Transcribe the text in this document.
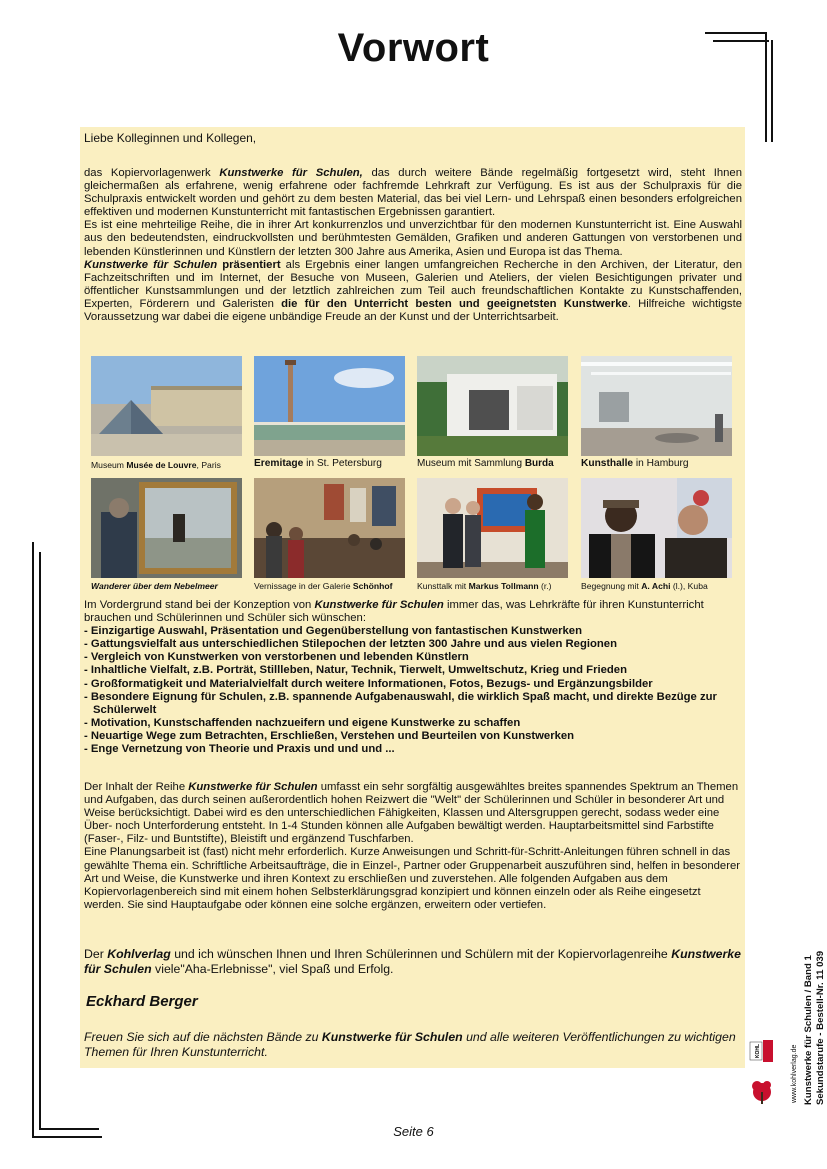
Vorwort
Liebe Kolleginnen und Kollegen,

das Kopiervorlagenwerk Kunstwerke für Schulen, das durch weitere Bände regelmäßig fortgesetzt wird, steht Ihnen gleichermaßen als erfahrene, wenig erfahrene oder fachfremde Lehrkraft zur Verfügung. Es ist aus der Schulpraxis für die Schulpraxis entwickelt worden und gehört zu dem besten Material, das bei viel Lern- und Lehrspaß einen besonders erfolgreichen effektiven und modernen Kunstunterricht mit fantastischen Ergebnissen garantiert.

Es ist eine mehrteilige Reihe, die in ihrer Art konkurrenzlos und unverzichtbar für den modernen Kunstunterricht ist. Eine Auswahl aus den bedeutendsten, eindruckvollsten und berühmtesten Gemälden, Grafiken und anderen Gattungen von verstorbenen und lebenden Künstlerinnen und Künstlern der letzten 300 Jahre aus Amerika, Asien und Europa ist das Thema.

Kunstwerke für Schulen präsentiert als Ergebnis einer langen umfangreichen Recherche in den Archiven, der Literatur, den Fachzeitschriften und im Internet, der Besuche von Museen, Galerien und Ateliers, der vielen Besichtigungen privater und öffentlicher Kunstsammlungen und der letztlich zahlreichen zum Teil auch freundschaftlichen Kontakte zu Kunstschaffenden, Experten, Förderern und Galeristen die für den Unterricht besten und geeignetsten Kunstwerke. Hilfreiche wichtigste Voraussetzung war dabei die eigene unbändige Freude an der Kunst und der Unterrichtsarbeit.

Museum Musée de Louvre, Paris	Eremitage in St. Petersburg	Museum mit Sammlung Burda	Kunsthalle in Hamburg
Wanderer über dem Nebelmeer	Vernissage in der Galerie Schönhof	Kunsttalk mit Markus Tollmann (r.)	Begegnung mit A. Achi (l.), Kuba

Im Vordergrund stand bei der Konzeption von Kunstwerke für Schulen immer das, was Lehrkräfte für ihren Kunstunterricht brauchen und Schülerinnen und Schüler sich wünschen:

- Einzigartige Auswahl, Präsentation und Gegenüberstellung von fantastischen Kunstwerken
- Gattungsvielfalt aus unterschiedlichen Stilepochen der letzten 300 Jahre und aus vielen Regionen
- Vergleich von Kunstwerken von verstorbenen und lebenden Künstlern
- Inhaltliche Vielfalt, z.B. Porträt, Stillleben, Natur, Technik, Tierwelt, Umweltschutz, Krieg und Frieden
- Großformatigkeit und Materialvielfalt durch weitere Informationen, Fotos, Bezugs- und Ergänzungsbilder
- Besondere Eignung für Schulen, z.B. spannende Aufgabenauswahl, die wirklich Spaß macht, und direkte Bezüge zur Schülerwelt
- Motivation, Kunstschaffenden nachzueifern und eigene Kunstwerke zu schaffen
- Neuartige Wege zum Betrachten, Erschließen, Verstehen und Beurteilen von Kunstwerken
- Enge Vernetzung von Theorie und Praxis und und und ...

Der Inhalt der Reihe Kunstwerke für Schulen umfasst ein sehr sorgfältig ausgewähltes breites spannendes Spektrum an Themen und Aufgaben, das durch seinen außerordentlich hohen Reizwert die "Welt" der Schülerinnen und Schüler in besonderer Art und Weise berücksichtigt. Dabei wird es den unterschiedlichen Fähigkeiten, Klassen und Altersgruppen gerecht, sodass weder eine Über- noch Unterforderung entsteht. In 1-4 Stunden können alle Aufgaben bewältigt werden. Hauptarbeitsmittel sind Farbstifte (Faser-, Filz- und Buntstifte), Bleistift und ergänzend Tuschfarben.

Eine Planungsarbeit ist (fast) nicht mehr erforderlich. Kurze Anweisungen und Schritt-für-Schritt-Anleitungen führen schnell in das gewählte Thema ein. Schriftliche Arbeitsaufträge, die in Einzel-, Partner oder Gruppenarbeit auszuführen sind, helfen in besonderer Art und Weise, die Kunstwerke und ihren Kontext zu erschließen und zuverstehen. Alle folgenden Aufgaben aus dem Kopiervorlagenbereich sind mit einem hohen Selbsterklärungsgrad konzipiert und können einzeln oder als Reihe eingesetzt werden. Sie sind Hauptaufgabe oder können eine solche ergänzen, erweitern oder vertiefen.

Der Kohlverlag und ich wünschen Ihnen und Ihren Schülerinnen und Schülern mit der Kopiervorlagenreihe Kunstwerke für Schulen viele"Aha-Erlebnisse", viel Spaß und Erfolg.
Eckhard Berger
Freuen Sie sich auf die nächsten Bände zu Kunstwerke für Schulen und alle weiteren Veröffentlichungen zu wichtigen Themen für Ihren Kunstunterricht.
Seite 6
Kunstwerke für Schulen / Band 1 Sekundstarufe - Bestell-Nr. 11 039
www.kohlverlag.de
KOHL
